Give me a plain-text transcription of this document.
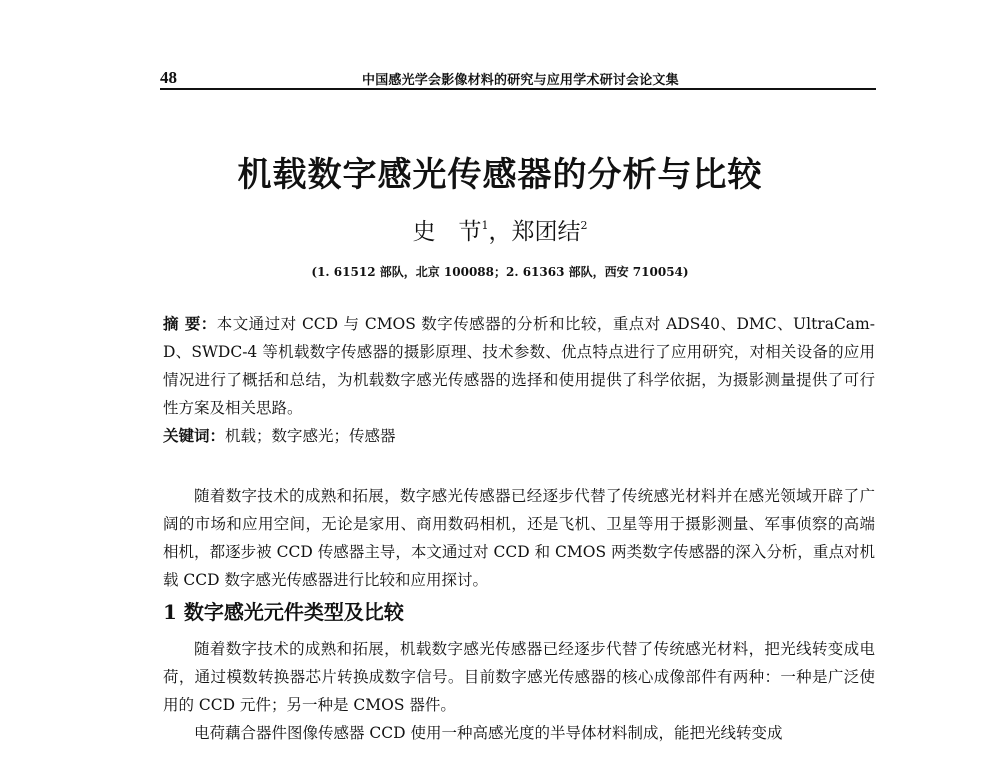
48	中国感光学会影像材料的研究与应用学术研讨会论文集
机载数字感光传感器的分析与比较
史　节$^1$，郑团结$^2$
(1. 61512 部队，北京 100088；2. 61363 部队，西安 710054)
摘 要：本文通过对 CCD 与 CMOS 数字传感器的分析和比较，重点对 ADS40、DMC、UltraCam-D、SWDC-4 等机载数字传感器的摄影原理、技术参数、优点特点进行了应用研究，对相关设备的应用情况进行了概括和总结，为机载数字感光传感器的选择和使用提供了科学依据，为摄影测量提供了可行性方案及相关思路。
关键词：机载；数字感光；传感器
随着数字技术的成熟和拓展，数字感光传感器已经逐步代替了传统感光材料并在感光领域开辟了广阔的市场和应用空间，无论是家用、商用数码相机，还是飞机、卫星等用于摄影测量、军事侦察的高端相机，都逐步被 CCD 传感器主导，本文通过对 CCD 和 CMOS 两类数字传感器的深入分析，重点对机载 CCD 数字感光传感器进行比较和应用探讨。
1 数字感光元件类型及比较
随着数字技术的成熟和拓展，机载数字感光传感器已经逐步代替了传统感光材料，把光线转变成电荷，通过模数转换器芯片转换成数字信号。目前数字感光传感器的核心成像部件有两种：一种是广泛使用的 CCD 元件；另一种是 CMOS 器件。
电荷藕合器件图像传感器 CCD 使用一种高感光度的半导体材料制成，能把光线转变成
